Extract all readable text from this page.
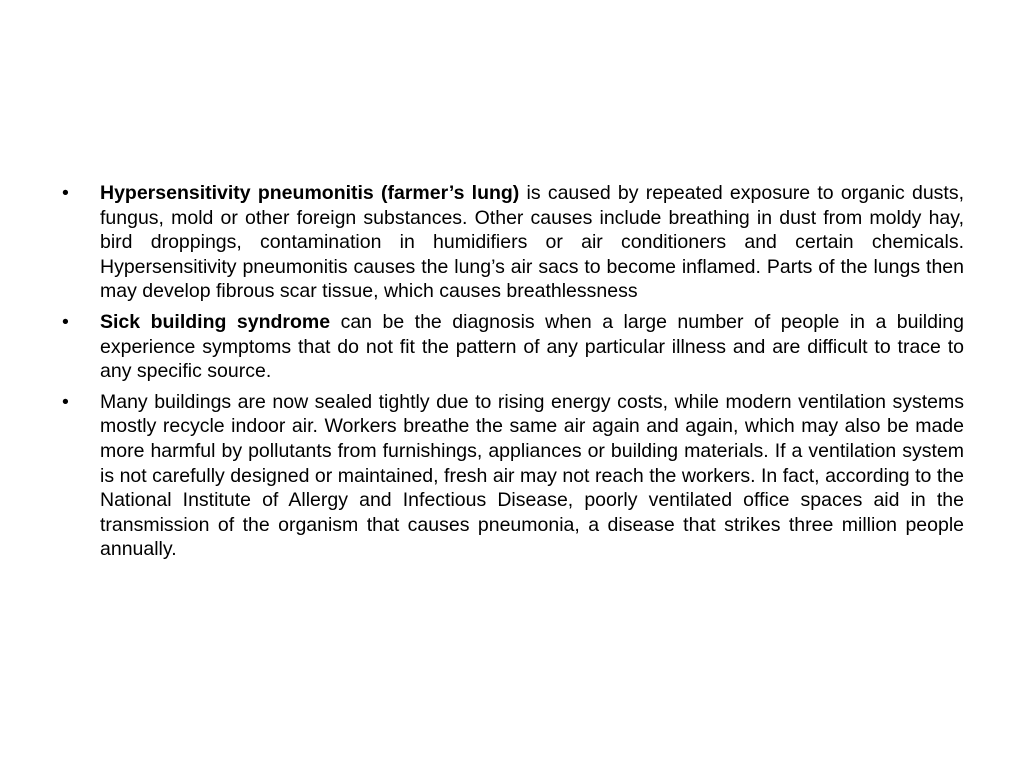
•	Hypersensitivity pneumonitis (farmer’s lung) is caused by repeated exposure to organic dusts, fungus, mold or other foreign substances. Other causes include breathing in dust from moldy hay, bird droppings, contamination in humidifiers or air conditioners and certain chemicals. Hypersensitivity pneumonitis causes the lung’s air sacs to become inflamed. Parts of the lungs then may develop fibrous scar tissue, which causes breathlessness
•	Sick building syndrome can be the diagnosis when a large number of people in a building experience symptoms that do not fit the pattern of any particular illness and are difficult to trace to any specific source.
•	Many buildings are now sealed tightly due to rising energy costs, while modern ventilation systems mostly recycle indoor air. Workers breathe the same air again and again, which may also be made more harmful by pollutants from furnishings, appliances or building materials. If a ventilation system is not carefully designed or maintained, fresh air may not reach the workers. In fact, according to the National Institute of Allergy and Infectious Disease, poorly ventilated office spaces aid in the transmission of the organism that causes pneumonia, a disease that strikes three million people annually.
